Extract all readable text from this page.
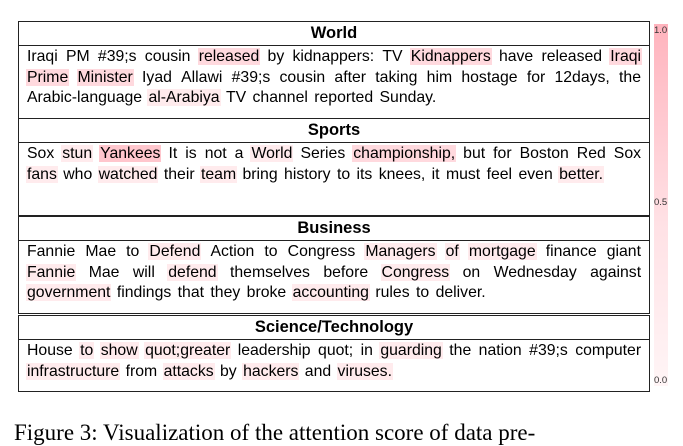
World
Iraqi PM #39;s cousin released by kidnappers: TV Kidnappers have released Iraqi Prime Minister Iyad Allawi #39;s cousin after taking him hostage for 12days, the Arabic-language al-Arabiya TV channel reported Sunday.
Sports
Sox stun Yankees It is not a World Series championship, but for Boston Red Sox fans who watched their team bring history to its knees, it must feel even better.
Business
Fannie Mae to Defend Action to Congress Managers of mortgage finance giant Fannie Mae will defend themselves before Congress on Wednesday against government findings that they broke accounting rules to deliver.
Science/Technology
House to show quot;greater leadership quot; in guarding the nation #39;s computer infrastructure from attacks by hackers and viruses.
1.0
0.5
0.0
Figure 3: Visualization of the attention score of data pre-
